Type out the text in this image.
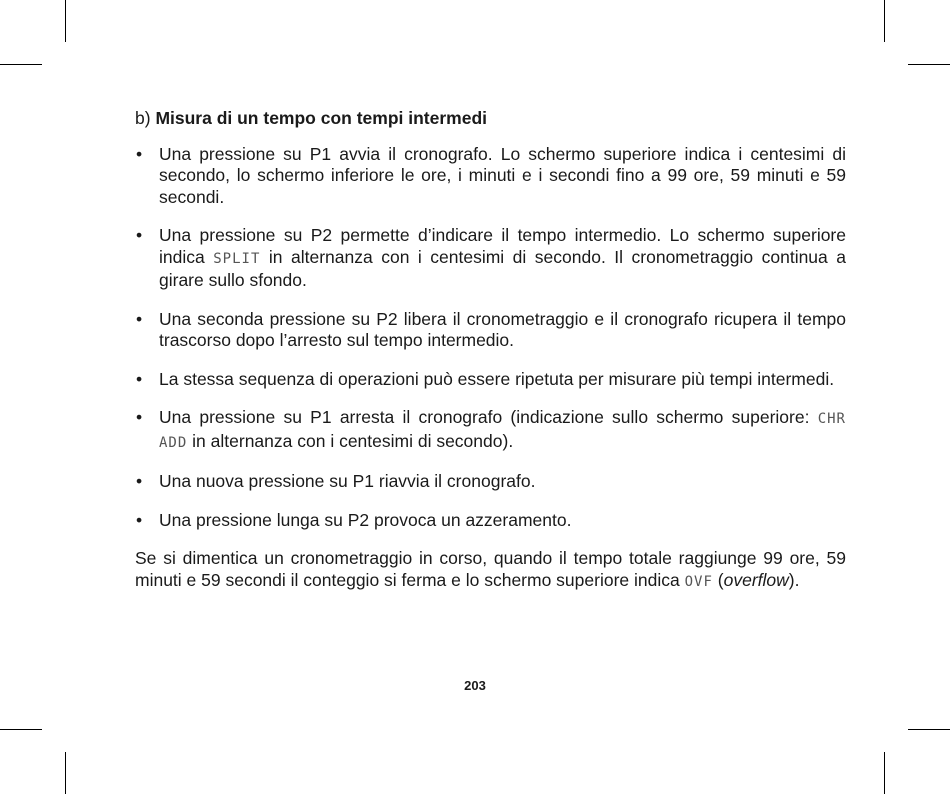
b) Misura di un tempo con tempi intermedi

• Una pressione su P1 avvia il cronografo. Lo schermo superiore indica i centesimi di secondo, lo schermo inferiore le ore, i minuti e i secondi fino a 99 ore, 59 minuti e 59 secondi.
• Una pressione su P2 permette d’indicare il tempo intermedio. Lo schermo superiore indica SPLIT in alternanza con i centesimi di secondo. Il cronometraggio continua a girare sullo sfondo.
• Una seconda pressione su P2 libera il cronometraggio e il cronografo ricupera il tempo trascorso dopo l’arresto sul tempo intermedio.
• La stessa sequenza di operazioni può essere ripetuta per misurare più tempi intermedi.
• Una pressione su P1 arresta il cronografo (indicazione sullo schermo superiore: CHR ADD in alternanza con i centesimi di secondo).
• Una nuova pressione su P1 riavvia il cronografo.
• Una pressione lunga su P2 provoca un azzeramento.

Se si dimentica un cronometraggio in corso, quando il tempo totale raggiunge 99 ore, 59 minuti e 59 secondi il conteggio si ferma e lo schermo superiore indica OVF (overflow).

203
